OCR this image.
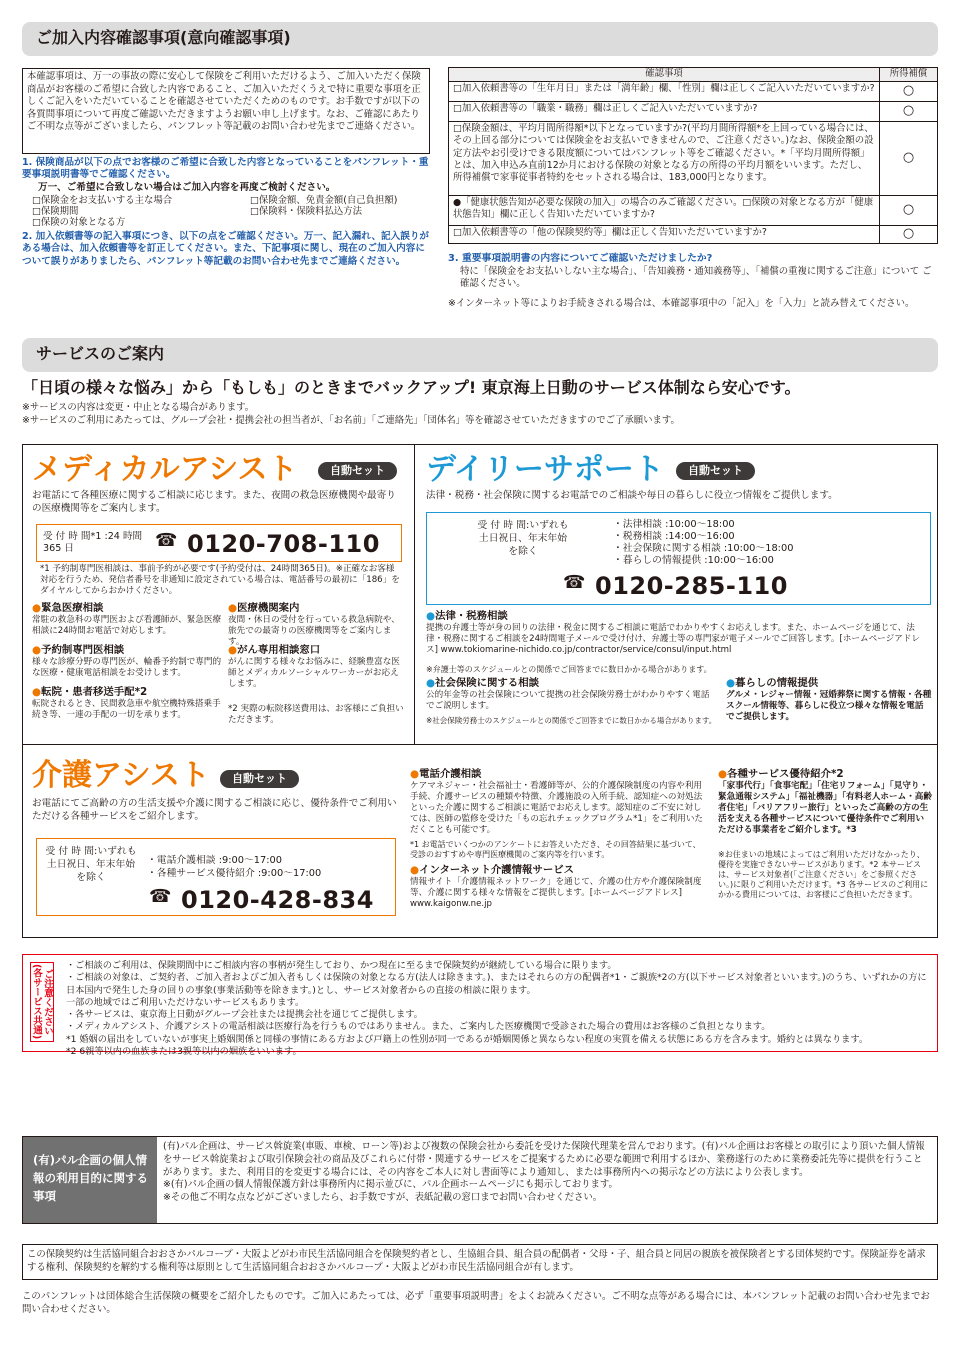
ご加入内容確認事項(意向確認事項)
本確認事項は、万一の事故の際に安心して保険をご利用いただけるよう、ご加入いただく保険商品がお客様のご希望に合致した内容であること、ご加入いただくうえで特に重要な事項を正しくご記入をいただいていることを確認させていただくためのものです。お手数ですが以下の各質問事項について再度ご確認いただきますようお願い申し上げます。なお、ご確認にあたりご不明な点等がございましたら、パンフレット等記載のお問い合わせ先までご連絡ください。
1. 保険商品が以下の点でお客様のご希望に合致した内容となっていることをパンフレット・重要事項説明書等でご確認ください。
万一、ご希望に合致しない場合はご加入内容を再度ご検討ください。
□保険金をお支払いする主な場合	□保険金額、免責金額(自己負担額)
□保険期間	□保険料・保険料払込方法
□保険の対象となる方
2. 加入依頼書等の記入事項につき、以下の点をご確認ください。万一、記入漏れ、記入誤りがある場合は、加入依頼書等を訂正してください。また、下記事項に関し、現在のご加入内容について誤りがありましたら、パンフレット等記載のお問い合わせ先までご連絡ください。
確認事項	所得補償
□加入依頼書等の「生年月日」または「満年齢」欄、「性別」欄は正しくご記入いただいていますか?	○
□加入依頼書等の「職業・職務」欄は正しくご記入いただいていますか?	○
□保険金額は、平均月間所得額*以下となっていますか?(平均月間所得額*を上回っている場合には、その上回る部分については保険金をお支払いできませんので、ご注意ください。)なお、保険金額の設定方法やお引受けできる限度額についてはパンフレット等をご確認ください。*「平均月間所得額」とは、加入申込み直前12か月における保険の対象となる方の所得の平均月額をいいます。ただし、所得補償で家事従事者特約をセットされる場合は、183,000円となります。	○
●「健康状態告知が必要な保険の加入」の場合のみご確認ください。□保険の対象となる方が「健康状態告知」欄に正しく告知いただいていますか?	○
□加入依頼書等の「他の保険契約等」欄は正しく告知いただいていますか?	○
3. 重要事項説明書の内容についてご確認いただけましたか?
特に「保険金をお支払いしない主な場合」、「告知義務・通知義務等」、「補償の重複に関するご注意」について ご確認ください。
※インターネット等によりお手続きされる場合は、本確認事項中の「記入」を「入力」と読み替えてください。
サービスのご案内
「日頃の様々な悩み」から「もしも」のときまでバックアップ! 東京海上日動のサービス体制なら安心です。
※サービスの内容は変更・中止となる場合があります。
※サービスのご利用にあたっては、グループ会社・提携会社の担当者が、「お名前」「ご連絡先」「団体名」等を確認させていただきますのでご了承願います。
メディカルアシスト	自動セット
お電話にて各種医療に関するご相談に応じます。また、夜間の救急医療機関や最寄りの医療機関等をご案内します。
受 付 時 間*1 :24 時間 365 日	☎ 0120-708-110
*1 予約制専門医相談は、事前予約が必要です(予約受付は、24時間365日)。※正確なお客様対応を行うため、発信者番号を非通知に設定されている場合は、電話番号の最初に「186」をダイヤルしてからおかけください。
● 緊急医療相談
常駐の救急科の専門医および看護師が、緊急医療相談に24時間お電話で対応します。
● 予約制専門医相談
様々な診療分野の専門医が、輪番予約制で専門的な医療・健康電話相談をお受けします。
● 転院・患者移送手配*2
転院されるとき、民間救急車や航空機特殊搭乗手続き等、一連の手配の一切を承ります。
● 医療機関案内
夜間・休日の受付を行っている救急病院や、旅先での最寄りの医療機関等をご案内します。
● がん専用相談窓口
がんに関する様々なお悩みに、経験豊富な医師とメディカルソーシャルワーカーがお応えします。
*2 実際の転院移送費用は、お客様にご負担いただきます。
デイリーサポート	自動セット
法律・税務・社会保険に関するお電話でのご相談や毎日の暮らしに役立つ情報をご提供します。
受 付 時 間:いずれも土日祝日、年末年始を除く
・法律相談 :10:00〜18:00
・税務相談 :14:00〜16:00
・社会保険に関する相談 :10:00〜18:00
・暮らしの情報提供 :10:00〜16:00
☎ 0120-285-110
● 法律・税務相談
提携の弁護士等が身の回りの法律・税金に関するご相談に電話でわかりやすくお応えします。また、ホームページを通じて、法律・税務に関するご相談を24時間電子メールで受け付け、弁護士等の専門家が電子メールでご回答します。[ホームページアドレス] www.tokiomarine-nichido.co.jp/contractor/service/consul/input.html
※弁護士等のスケジュールとの関係でご回答までに数日かかる場合があります。
● 社会保険に関する相談
公的年金等の社会保険について提携の社会保険労務士がわかりやすく電話でご説明します。
※社会保険労務士のスケジュールとの関係でご回答までに数日かかる場合があります。
● 暮らしの情報提供
グルメ・レジャー情報・冠婚葬祭に関する情報・各種スクール情報等、暮らしに役立つ様々な情報を電話でご提供します。
介護アシスト	自動セット
お電話にてご高齢の方の生活支援や介護に関するご相談に応じ、優待条件でご利用いただける各種サービスをご紹介します。
受 付 時 間:いずれも土日祝日、年末年始を除く
・電話介護相談 :9:00〜17:00
・各種サービス優待紹介 :9:00〜17:00
☎ 0120-428-834
● 電話介護相談
ケアマネジャー・社会福祉士・看護師等が、公的介護保険制度の内容や利用手続、介護サービスの種類や特徴、介護施設の入所手続、認知症への対処法といった介護に関するご相談に電話でお応えします。認知症のご不安に対しては、医師の監修を受けた「もの忘れチェックプログラム*1」をご利用いただくことも可能です。
*1 お電話でいくつかのアンケートにお答えいただき、その回答結果に基づいて、受診のおすすめや専門医療機関のご案内等を行います。
● インターネット介護情報サービス
情報サイト「介護情報ネットワーク」を通じて、介護の仕方や介護保険制度等、介護に関する様々な情報をご提供します。[ホームページアドレス] www.kaigonw.ne.jp
● 各種サービス優待紹介*2
「家事代行」「食事宅配」「住宅リフォーム」「見守り・緊急通報システム」「福祉機器」「有料老人ホーム・高齢者住宅」「バリアフリー旅行」といったご高齢の方の生活を支える各種サービスについて優待条件でご利用いただける事業者をご紹介します。*3
※お住まいの地域によってはご利用いただけなかったり、優待を実施できないサービスがあります。*2 本サービスは、サービス対象者(「ご注意ください」をご参照ください。)に限りご利用いただけます。*3 各サービスのご利用にかかる費用については、お客様にご負担いただきます。
ご注意ください(各サービス共通)	・ご相談のご利用は、保険期間中にご相談内容の事柄が発生しており、かつ現在に至るまで保険契約が継続している場合に限ります。
・ご相談の対象は、ご契約者、ご加入者およびご加入者もしくは保険の対象となる方(法人は除きます。)、またはそれらの方の配偶者*1・ご親族*2の方(以下サービス対象者といいます。)のうち、いずれかの方に日本国内で発生した身の回りの事象(事業活動等を除きます。)とし、サービス対象者からの直接の相談に限ります。
一部の地域ではご利用いただけないサービスもあります。
・各サービスは、東京海上日動がグループ会社または提携会社を通じてご提供します。
・メディカルアシスト、介護アシストの電話相談は医療行為を行うものではありません。また、ご案内した医療機関で受診された場合の費用はお客様のご負担となります。
*1 婚姻の届出をしていないが事実上婚姻関係と同様の事情にある方および戸籍上の性別が同一であるが婚姻関係と異ならない程度の実質を備える状態にある方を含みます。婚約とは異なります。
*2 6親等以内の血族または3親等以内の姻族をいいます。
(有)パル企画の個人情報の利用目的に関する事項
(有)パル企画は、サービス斡旋業(車販、車検、ローン等)および複数の保険会社から委託を受けた保険代理業を営んでおります。(有)パル企画はお客様との取引により頂いた個人情報をサービス斡旋業および取引保険会社の商品及びこれらに付帯・関連するサービスをご提案するために必要な範囲で利用するほか、業務遂行のために業務委託先等に提供を行うことがあります。また、利用目的を変更する場合には、その内容をご本人に対し書面等により通知し、または事務所内への掲示などの方法により公表します。
※(有)パル企画の個人情報保護方針は事務所内に掲示並びに、パル企画ホームページにも掲示しております。
※その他ご不明な点などがございましたら、お手数ですが、表紙記載の窓口までお問い合わせください。
この保険契約は生活協同組合おおさかパルコープ・大阪よどがわ市民生活協同組合を保険契約者とし、生協組合員、組合員の配偶者・父母・子、組合員と同居の親族を被保険者とする団体契約です。保険証券を請求する権利、保険契約を解約する権利等は原則として生活協同組合おおさかパルコープ・大阪よどがわ市民生活協同組合が有します。
このパンフレットは団体総合生活保険の概要をご紹介したものです。ご加入にあたっては、必ず「重要事項説明書」をよくお読みください。ご不明な点等がある場合には、本パンフレット記載のお問い合わせ先までお問い合わせください。
